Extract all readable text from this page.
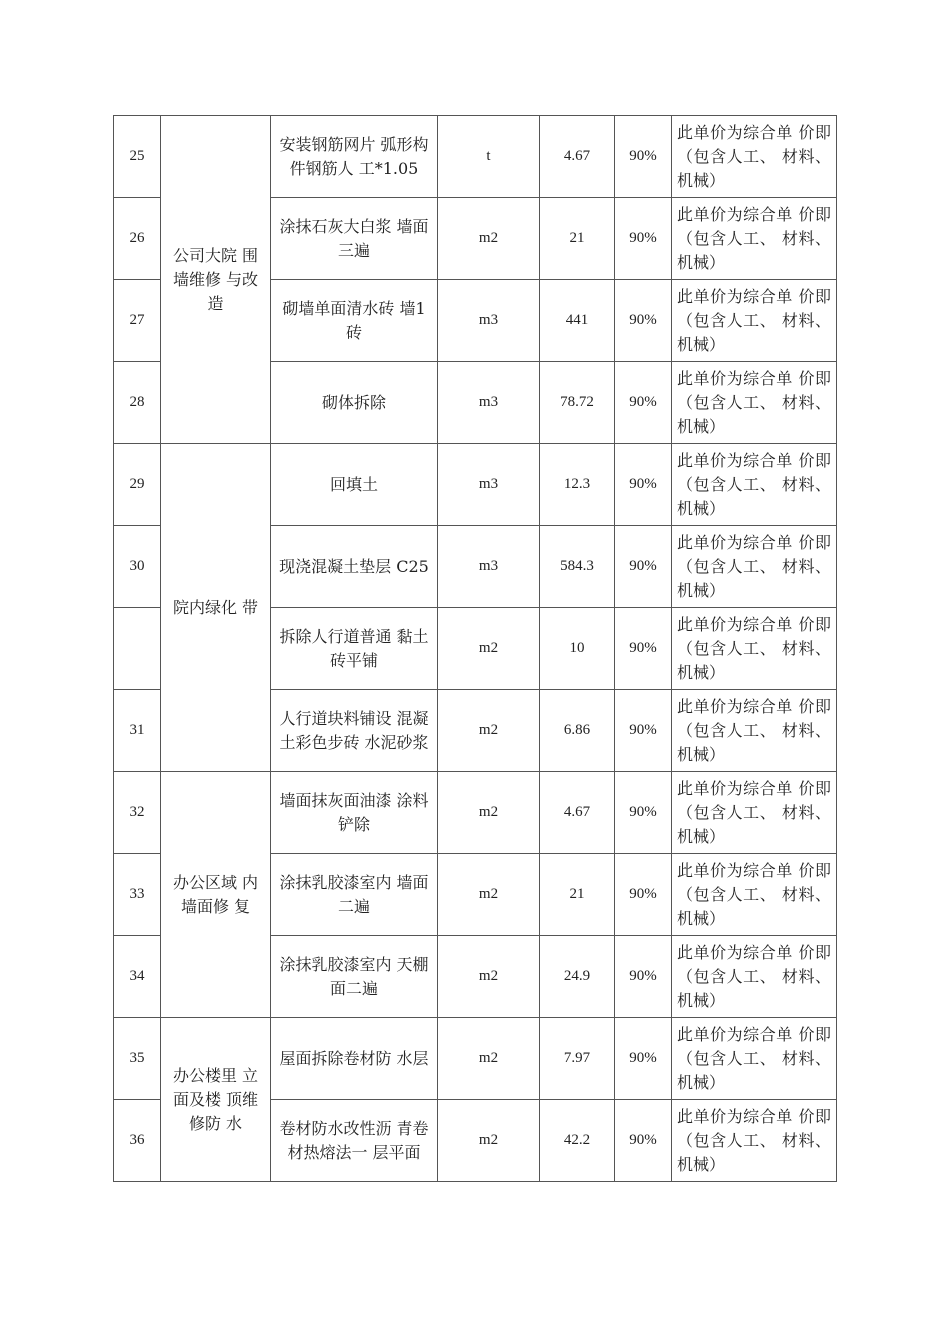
25	公司大院 围墙维修 与改造	安装钢筋网片 弧形构件钢筋人 工*1.05	t	4.67	90%	此单价为综合单 价即（包含人工、 材料、机械）
26		涂抹石灰大白浆 墙面三遍	m2	21	90%	此单价为综合单 价即（包含人工、 材料、机械）
27		砌墙单面清水砖 墙1砖	m3	441	90%	此单价为综合单 价即（包含人工、 材料、机械）
28		砌体拆除	m3	78.72	90%	此单价为综合单 价即（包含人工、 材料、机械）
29	院内绿化 带	回填土	m3	12.3	90%	此单价为综合单 价即（包含人工、 材料、机械）
30		现浇混凝土垫层 C25	m3	584.3	90%	此单价为综合单 价即（包含人工、 材料、机械）
		拆除人行道普通 黏土砖平铺	m2	10	90%	此单价为综合单 价即（包含人工、 材料、机械）
31		人行道块料铺设 混凝土彩色步砖 水泥砂浆	m2	6.86	90%	此单价为综合单 价即（包含人工、 材料、机械）
32	办公区域 内墙面修 复	墙面抹灰面油漆 涂料铲除	m2	4.67	90%	此单价为综合单 价即（包含人工、 材料、机械）
33		涂抹乳胶漆室内 墙面二遍	m2	21	90%	此单价为综合单 价即（包含人工、 材料、机械）
34		涂抹乳胶漆室内 天棚面二遍	m2	24.9	90%	此单价为综合单 价即（包含人工、 材料、机械）
35	办公楼里 立面及楼 顶维修防 水	屋面拆除卷材防 水层	m2	7.97	90%	此单价为综合单 价即（包含人工、 材料、机械）
36		卷材防水改性沥 青卷材热熔法一 层平面	m2	42.2	90%	此单价为综合单 价即（包含人工、 材料、机械）
